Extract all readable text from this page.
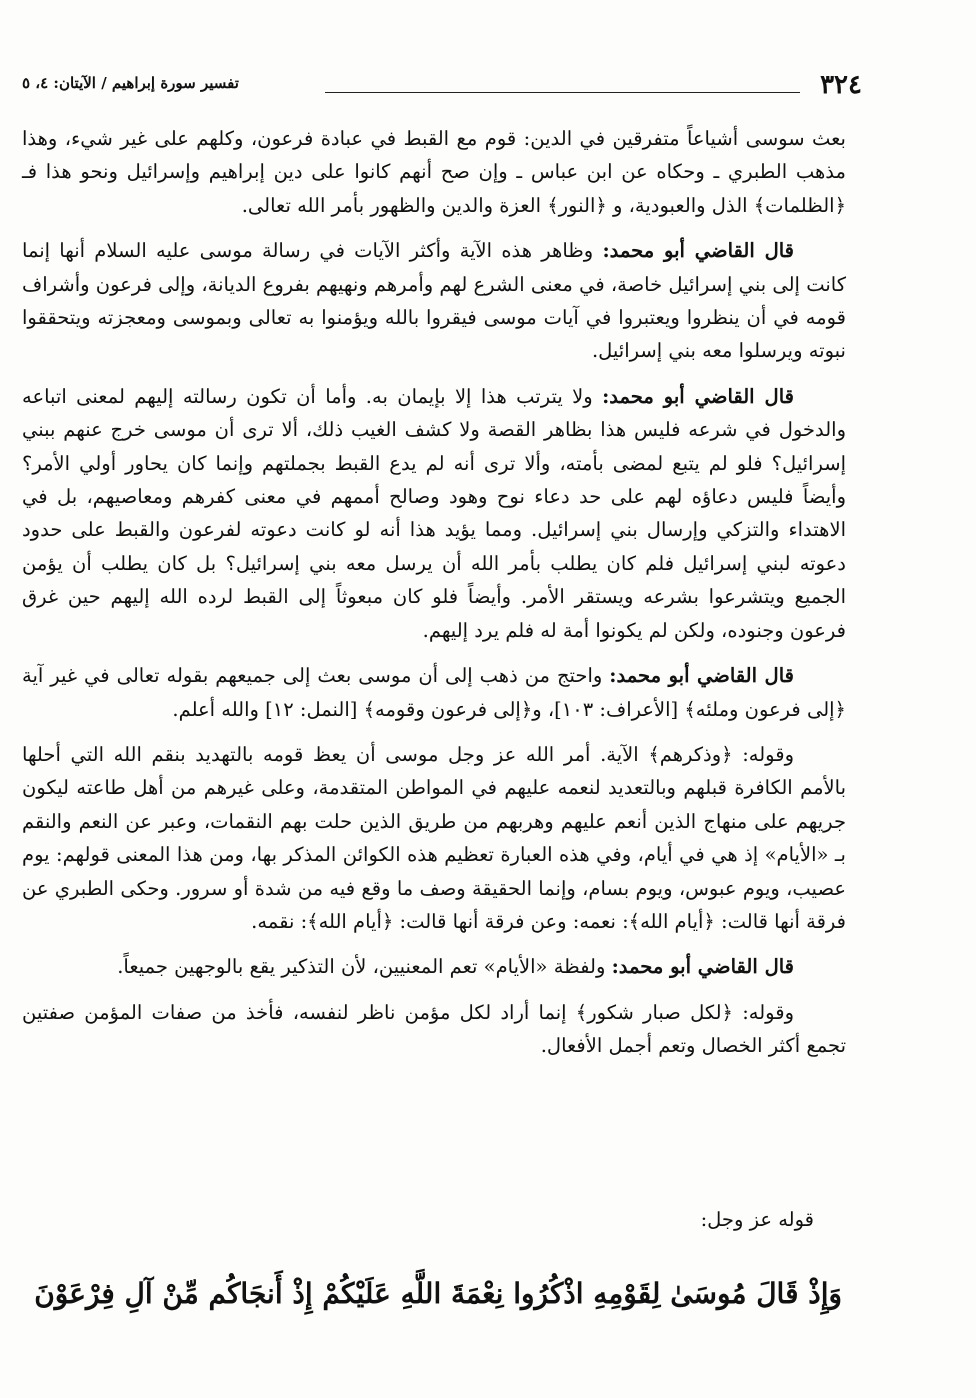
٣٢٤
تفسير سورة إبراهيم / الآيتان: ٤، ٥

بعث سوسى أشياعاً متفرقين في الدين: قوم مع القبط في عبادة فرعون، وكلهم على غير شيء، وهذا مذهب الطبري ـ وحكاه عن ابن عباس ـ وإن صح أنهم كانوا على دين إبراهيم وإسرائيل ونحو هذا فـ ﴿الظلمات﴾ الذل والعبودية، و ﴿النور﴾ العزة والدين والظهور بأمر الله تعالى.

قال القاضي أبو محمد: وظاهر هذه الآية وأكثر الآيات في رسالة موسى عليه السلام أنها إنما كانت إلى بني إسرائيل خاصة، في معنى الشرع لهم وأمرهم ونهيهم بفروع الديانة، وإلى فرعون وأشراف قومه في أن ينظروا ويعتبروا في آيات موسى فيقروا بالله ويؤمنوا به تعالى وبموسى ومعجزته ويتحققوا نبوته ويرسلوا معه بني إسرائيل.

قال القاضي أبو محمد: ولا يترتب هذا إلا بإيمان به. وأما أن تكون رسالته إليهم لمعنى اتباعه والدخول في شرعه فليس هذا بظاهر القصة ولا كشف الغيب ذلك، ألا ترى أن موسى خرج عنهم ببني إسرائيل؟ فلو لم يتبع لمضى بأمته، وألا ترى أنه لم يدع القبط بجملتهم وإنما كان يحاور أولي الأمر؟ وأيضاً فليس دعاؤه لهم على حد دعاء نوح وهود وصالح أممهم في معنى كفرهم ومعاصيهم، بل في الاهتداء والتزكي وإرسال بني إسرائيل. ومما يؤيد هذا أنه لو كانت دعوته لفرعون والقبط على حدود دعوته لبني إسرائيل فلم كان يطلب بأمر الله أن يرسل معه بني إسرائيل؟ بل كان يطلب أن يؤمن الجميع ويتشرعوا بشرعه ويستقر الأمر. وأيضاً فلو كان مبعوثاً إلى القبط لرده الله إليهم حين غرق فرعون وجنوده، ولكن لم يكونوا أمة له فلم يرد إليهم.

قال القاضي أبو محمد: واحتج من ذهب إلى أن موسى بعث إلى جميعهم بقوله تعالى في غير آية ﴿إلى فرعون وملئه﴾ [الأعراف: ١٠٣]، و﴿إلى فرعون وقومه﴾ [النمل: ١٢] والله أعلم.

وقوله: ﴿وذكرهم﴾ الآية. أمر الله عز وجل موسى أن يعظ قومه بالتهديد بنقم الله التي أحلها بالأمم الكافرة قبلهم وبالتعديد لنعمه عليهم في المواطن المتقدمة، وعلى غيرهم من أهل طاعته ليكون جريهم على منهاج الذين أنعم عليهم وهربهم من طريق الذين حلت بهم النقمات، وعبر عن النعم والنقم بـ «الأيام» إذ هي في أيام، وفي هذه العبارة تعظيم هذه الكوائن المذكر بها، ومن هذا المعنى قولهم: يوم عصيب، ويوم عبوس، ويوم بسام، وإنما الحقيقة وصف ما وقع فيه من شدة أو سرور. وحكى الطبري عن فرقة أنها قالت: ﴿أيام الله﴾: نعمه: وعن فرقة أنها قالت: ﴿أيام الله﴾: نقمه.

قال القاضي أبو محمد: ولفظة «الأيام» تعم المعنيين، لأن التذكير يقع بالوجهين جميعاً.

وقوله: ﴿لكل صبار شكور﴾ إنما أراد لكل مؤمن ناظر لنفسه، فأخذ من صفات المؤمن صفتين تجمع أكثر الخصال وتعم أجمل الأفعال.

قوله عز وجل:
وَإِذْ قَالَ مُوسَىٰ لِقَوْمِهِ اذْكُرُوا نِعْمَةَ اللَّهِ عَلَيْكُمْ إِذْ أَنجَاكُم مِّنْ آلِ فِرْعَوْنَ
